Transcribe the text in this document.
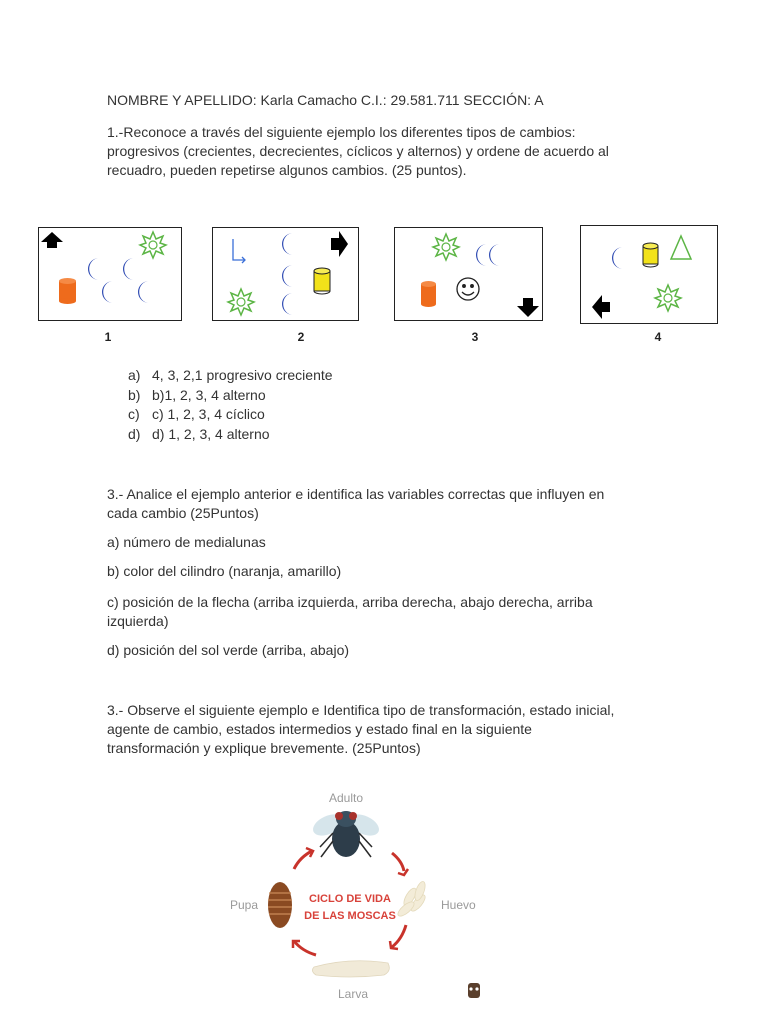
NOMBRE Y APELLIDO: Karla Camacho C.I.: 29.581.711 SECCIÓN: A
1.-Reconoce a través del siguiente ejemplo los diferentes tipos de cambios:
progresivos (crecientes, decrecientes, cíclicos y alternos) y ordene de acuerdo al
recuadro, pueden repetirse algunos cambios. (25 puntos).
1	2	3	4
a) 4, 3, 2,1 progresivo creciente
b) b)1, 2, 3, 4 alterno
c) c) 1, 2, 3, 4 cíclico
d) d) 1, 2, 3, 4 alterno
3.- Analice el ejemplo anterior e identifica las variables correctas que influyen en
cada cambio (25Puntos)
a) número de medialunas
b) color del cilindro (naranja, amarillo)
c) posición de la flecha (arriba izquierda, arriba derecha, abajo derecha, arriba
izquierda)
d) posición del sol verde (arriba, abajo)
3.- Observe el siguiente ejemplo e Identifica tipo de transformación, estado inicial,
agente de cambio, estados intermedios y estado final en la siguiente
transformación y explique brevemente. (25Puntos)
Adulto
Pupa	CICLO DE VIDA
DE LAS MOSCAS
Huevo
Larva
